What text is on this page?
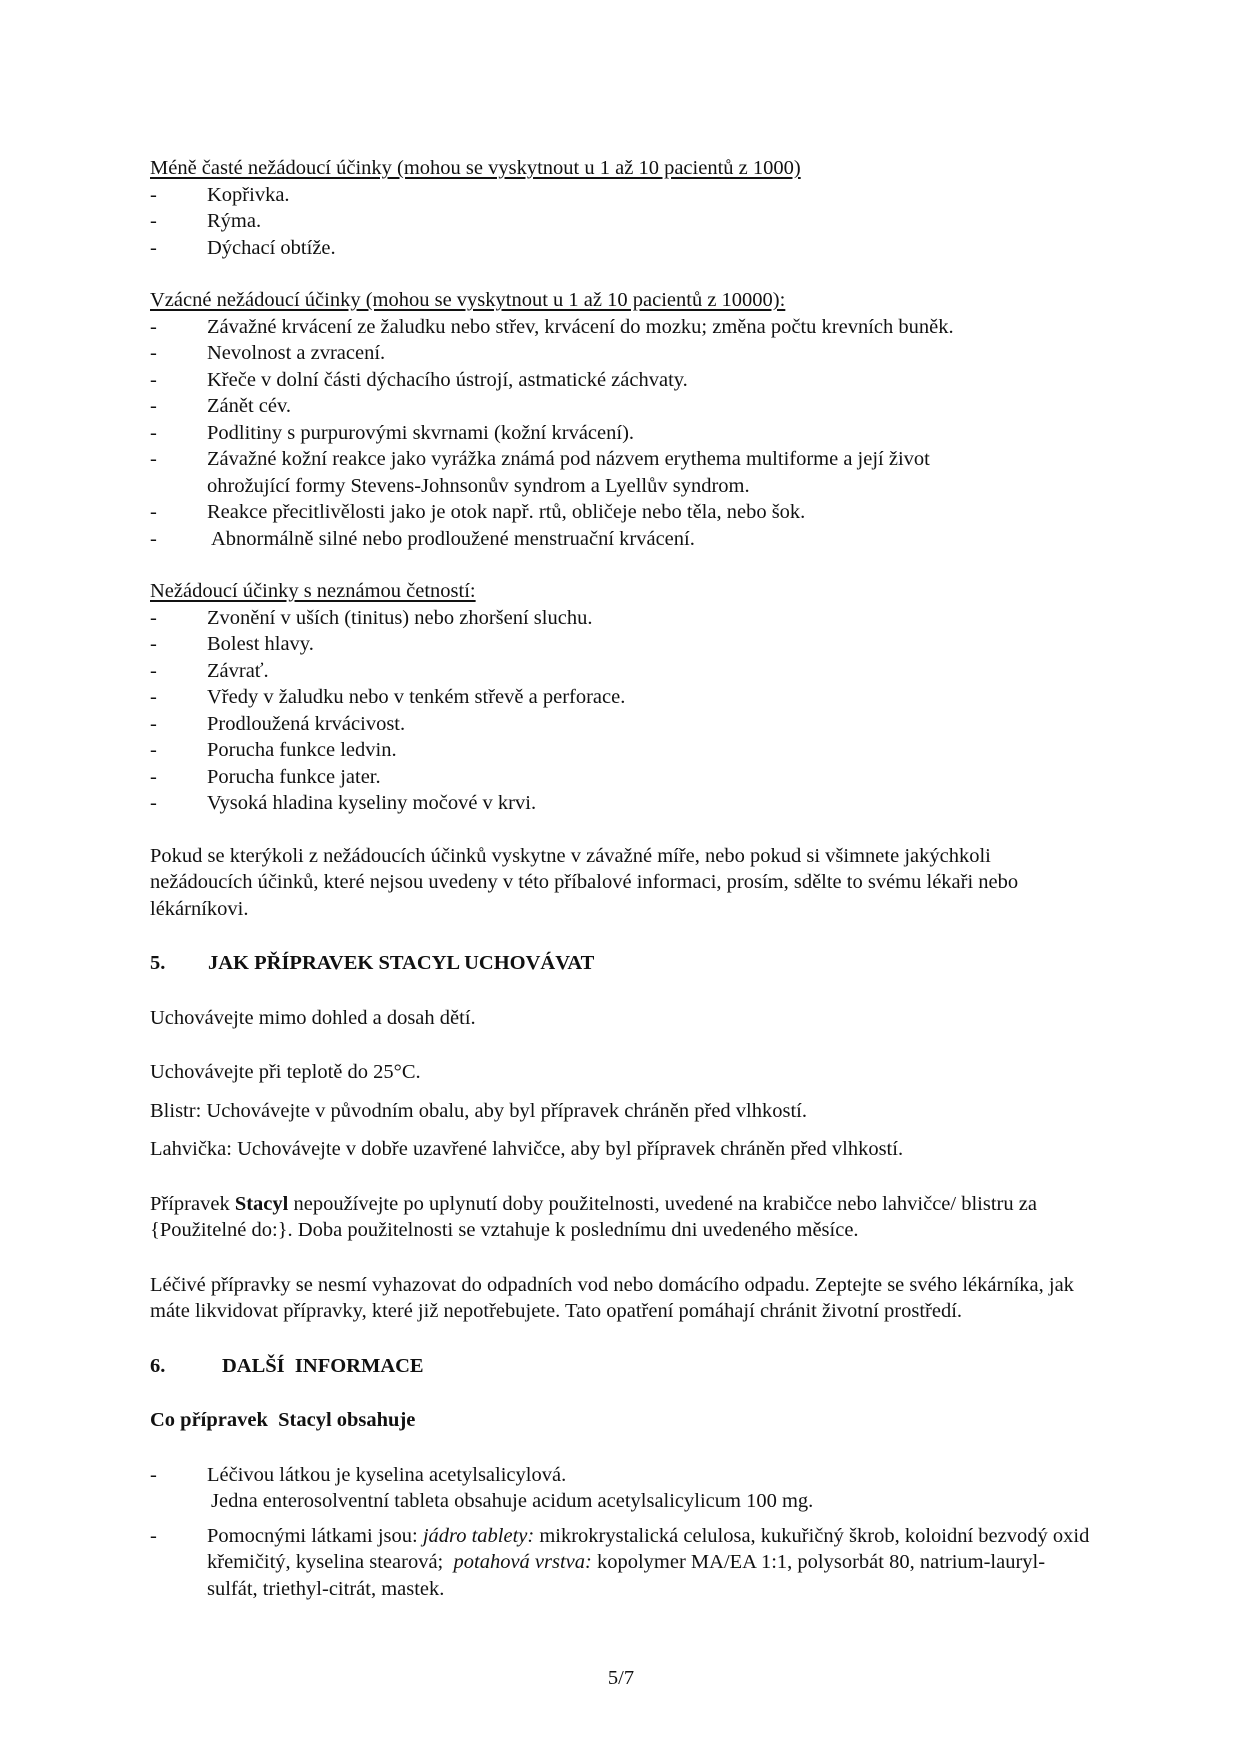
Méně časté nežádoucí účinky (mohou se vyskytnout u 1 až 10 pacientů z 1000)

- Kopřivka.
- Rýma.
- Dýchací obtíže.

Vzácné nežádoucí účinky (mohou se vyskytnout u 1 až 10 pacientů z 10000):

- Závažné krvácení ze žaludku nebo střev, krvácení do mozku; změna počtu krevních buněk.
- Nevolnost a zvracení.
- Křeče v dolní části dýchacího ústrojí, astmatické záchvaty.
- Zánět cév.
- Podlitiny s purpurovými skvrnami (kožní krvácení).
- Závažné kožní reakce jako vyrážka známá pod názvem erythema multiforme a její život ohrožující formy Stevens-Johnsonův syndrom a Lyellův syndrom.
- Reakce přecitlivělosti jako je otok např. rtů, obličeje nebo těla, nebo šok.
-  Abnormálně silné nebo prodloužené menstruační krvácení.

Nežádoucí účinky s neznámou četností:

- Zvonění v uších (tinitus) nebo zhoršení sluchu.
- Bolest hlavy.
- Závrať.
- Vředy v žaludku nebo v tenkém střevě a perforace.
- Prodloužená krvácivost.
- Porucha funkce ledvin.
- Porucha funkce jater.
- Vysoká hladina kyseliny močové v krvi.

Pokud se kterýkoli z nežádoucích účinků vyskytne v závažné míře, nebo pokud si všimnete jakýchkoli nežádoucích účinků, které nejsou uvedeny v této příbalové informaci, prosím, sdělte to svému lékaři nebo lékárníkovi.

5.	JAK PŘÍPRAVEK STACYL UCHOVÁVAT

Uchovávejte mimo dohled a dosah dětí.

Uchovávejte při teplotě do 25°C.

Blistr: Uchovávejte v původním obalu, aby byl přípravek chráněn před vlhkostí.

Lahvička: Uchovávejte v dobře uzavřené lahvičce, aby byl přípravek chráněn před vlhkostí.

Přípravek Stacyl nepoužívejte po uplynutí doby použitelnosti, uvedené na krabičce nebo lahvičce/ blistru za {Použitelné do:}. Doba použitelnosti se vztahuje k poslednímu dni uvedeného měsíce.

Léčivé přípravky se nesmí vyhazovat do odpadních vod nebo domácího odpadu. Zeptejte se svého lékárníka, jak máte likvidovat přípravky, které již nepotřebujete. Tato opatření pomáhají chránit životní prostředí.

6.	DALŠÍ  INFORMACE

Co přípravek  Stacyl obsahuje

- Léčivou látkou je kyselina acetylsalicylová.
Jedna enterosolventní tableta obsahuje acidum acetylsalicylicum 100 mg.
- Pomocnými látkami jsou: jádro tablety: mikrokrystalická celulosa, kukuřičný škrob, koloidní bezvodý oxid křemičitý, kyselina stearová;  potahová vrstva: kopolymer MA/EA 1:1, polysorbát 80, natrium-lauryl-sulfát, triethyl-citrát, mastek.
5/7
